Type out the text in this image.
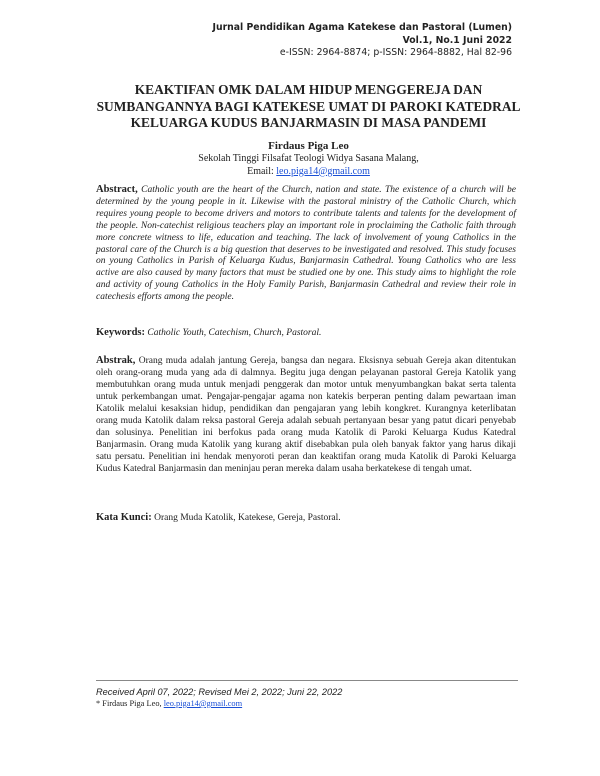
Jurnal Pendidikan Agama Katekese dan Pastoral (Lumen)
Vol.1, No.1 Juni 2022
e-ISSN: 2964-8874; p-ISSN: 2964-8882, Hal 82-96
KEAKTIFAN OMK DALAM HIDUP MENGGEREJA DAN
SUMBANGANNYA BAGI KATEKESE UMAT DI PAROKI KATEDRAL
KELUARGA KUDUS BANJARMASIN DI MASA PANDEMI
Firdaus Piga Leo
Sekolah Tinggi Filsafat Teologi Widya Sasana Malang,
Email: leo.piga14@gmail.com
Abstract, Catholic youth are the heart of the Church, nation and state. The existence of a church will be determined by the young people in it. Likewise with the pastoral ministry of the Catholic Church, which requires young people to become drivers and motors to contribute talents and talents for the development of the people. Non-catechist religious teachers play an important role in proclaiming the Catholic faith through more concrete witness to life, education and teaching. The lack of involvement of young Catholics in the pastoral care of the Church is a big question that deserves to be investigated and resolved. This study focuses on young Catholics in Parish of Keluarga Kudus, Banjarmasin Cathedral. Young Catholics who are less active are also caused by many factors that must be studied one by one. This study aims to highlight the role and activity of young Catholics in the Holy Family Parish, Banjarmasin Cathedral and review their role in catechesis efforts among the people.
Keywords: Catholic Youth, Catechism, Church, Pastoral.
Abstrak, Orang muda adalah jantung Gereja, bangsa dan negara. Eksisnya sebuah Gereja akan ditentukan oleh orang-orang muda yang ada di dalmnya. Begitu juga dengan pelayanan pastoral Gereja Katolik yang membutuhkan orang muda untuk menjadi penggerak dan motor untuk menyumbangkan bakat serta talenta untuk perkembangan umat. Pengajar-pengajar agama non katekis berperan penting dalam pewartaan iman Katolik melalui kesaksian hidup, pendidikan dan pengajaran yang lebih kongkret. Kurangnya keterlibatan orang muda Katolik dalam reksa pastoral Gereja adalah sebuah pertanyaan besar yang patut dicari penyebab dan solusinya. Penelitian ini berfokus pada orang muda Katolik di Paroki Keluarga Kudus Katedral Banjarmasin. Orang muda Katolik yang kurang aktif disebabkan pula oleh banyak faktor yang harus dikaji satu persatu. Penelitian ini hendak menyoroti peran dan keaktifan orang muda Katolik di Paroki Keluarga Kudus Katedral Banjarmasin dan meninjau peran mereka dalam usaha berkatekese di tengah umat.
Kata Kunci: Orang Muda Katolik, Katekese, Gereja, Pastoral.
Received April 07, 2022; Revised Mei 2, 2022; Juni 22, 2022
* Firdaus Piga Leo, leo.piga14@gmail.com
